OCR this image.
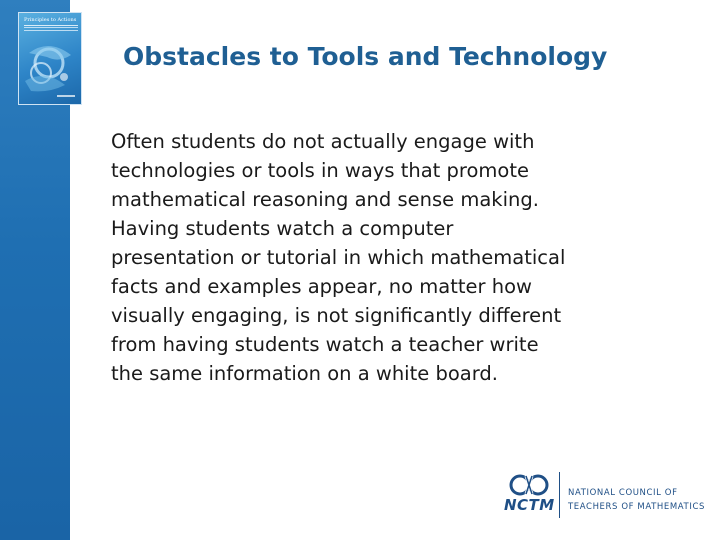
Principles to Actions
Obstacles to Tools and Technology
Often students do not actually engage with
technologies or tools in ways that promote
mathematical reasoning and sense making.
Having students watch a computer
presentation or tutorial in which mathematical
facts and examples appear, no matter how
visually engaging, is not significantly different
from having students watch a teacher write
the same information on a white board.
NCTM
NATIONAL COUNCIL OF
TEACHERS OF MATHEMATICS
